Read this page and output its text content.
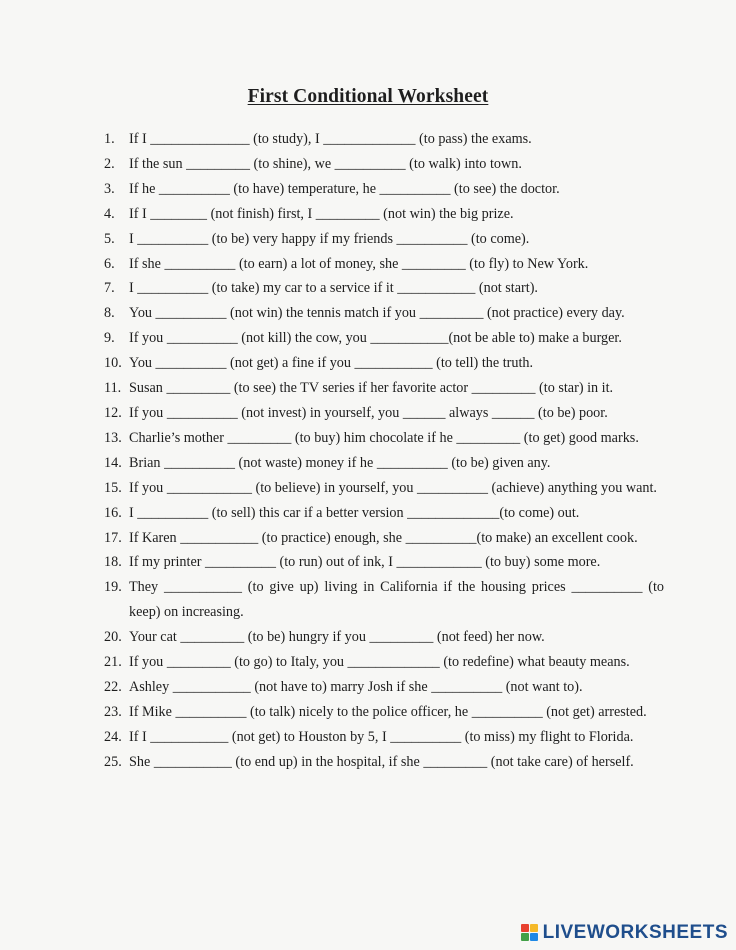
First Conditional Worksheet
1.	If I ______________ (to study), I _____________ (to pass) the exams.
2.	If the sun _________ (to shine), we __________ (to walk) into town.
3.	If he __________ (to have) temperature, he __________ (to see) the doctor.
4.	If I ________ (not finish) first, I _________ (not win) the big prize.
5.	I __________ (to be) very happy if my friends __________ (to come).
6.	If she __________ (to earn) a lot of money, she _________ (to fly) to New York.
7.	I __________ (to take) my car to a service if it ___________ (not start).
8.	You __________ (not win) the tennis match if you _________ (not practice) every day.
9.	If you __________ (not kill) the cow, you ___________(not be able to) make a burger.
10. You __________ (not get) a fine if you ___________ (to tell) the truth.
11. Susan _________ (to see) the TV series if her favorite actor _________ (to star) in it.
12. If you __________ (not invest) in yourself, you ______ always ______ (to be) poor.
13. Charlie’s mother _________ (to buy) him chocolate if he _________ (to get) good marks.
14. Brian __________ (not waste) money if he __________ (to be) given any.
15. If you ____________ (to believe) in yourself, you __________ (achieve) anything you want.
16. I __________ (to sell) this car if a better version _____________(to come) out.
17. If Karen ___________ (to practice) enough, she __________(to make) an excellent cook.
18. If my printer __________ (to run) out of ink, I ____________ (to buy) some more.
19. They ___________ (to give up) living in California if the housing prices __________ (to keep) on increasing.
20. Your cat _________ (to be) hungry if you _________ (not feed) her now.
21. If you _________ (to go) to Italy, you _____________ (to redefine) what beauty means.
22. Ashley ___________ (not have to) marry Josh if she __________ (not want to).
23. If Mike __________ (to talk) nicely to the police officer, he __________ (not get) arrested.
24. If I ___________ (not get) to Houston by 5, I __________ (to miss) my flight to Florida.
25. She ___________ (to end up) in the hospital, if she _________ (not take care) of herself.
LIVEWORKSHEETS
